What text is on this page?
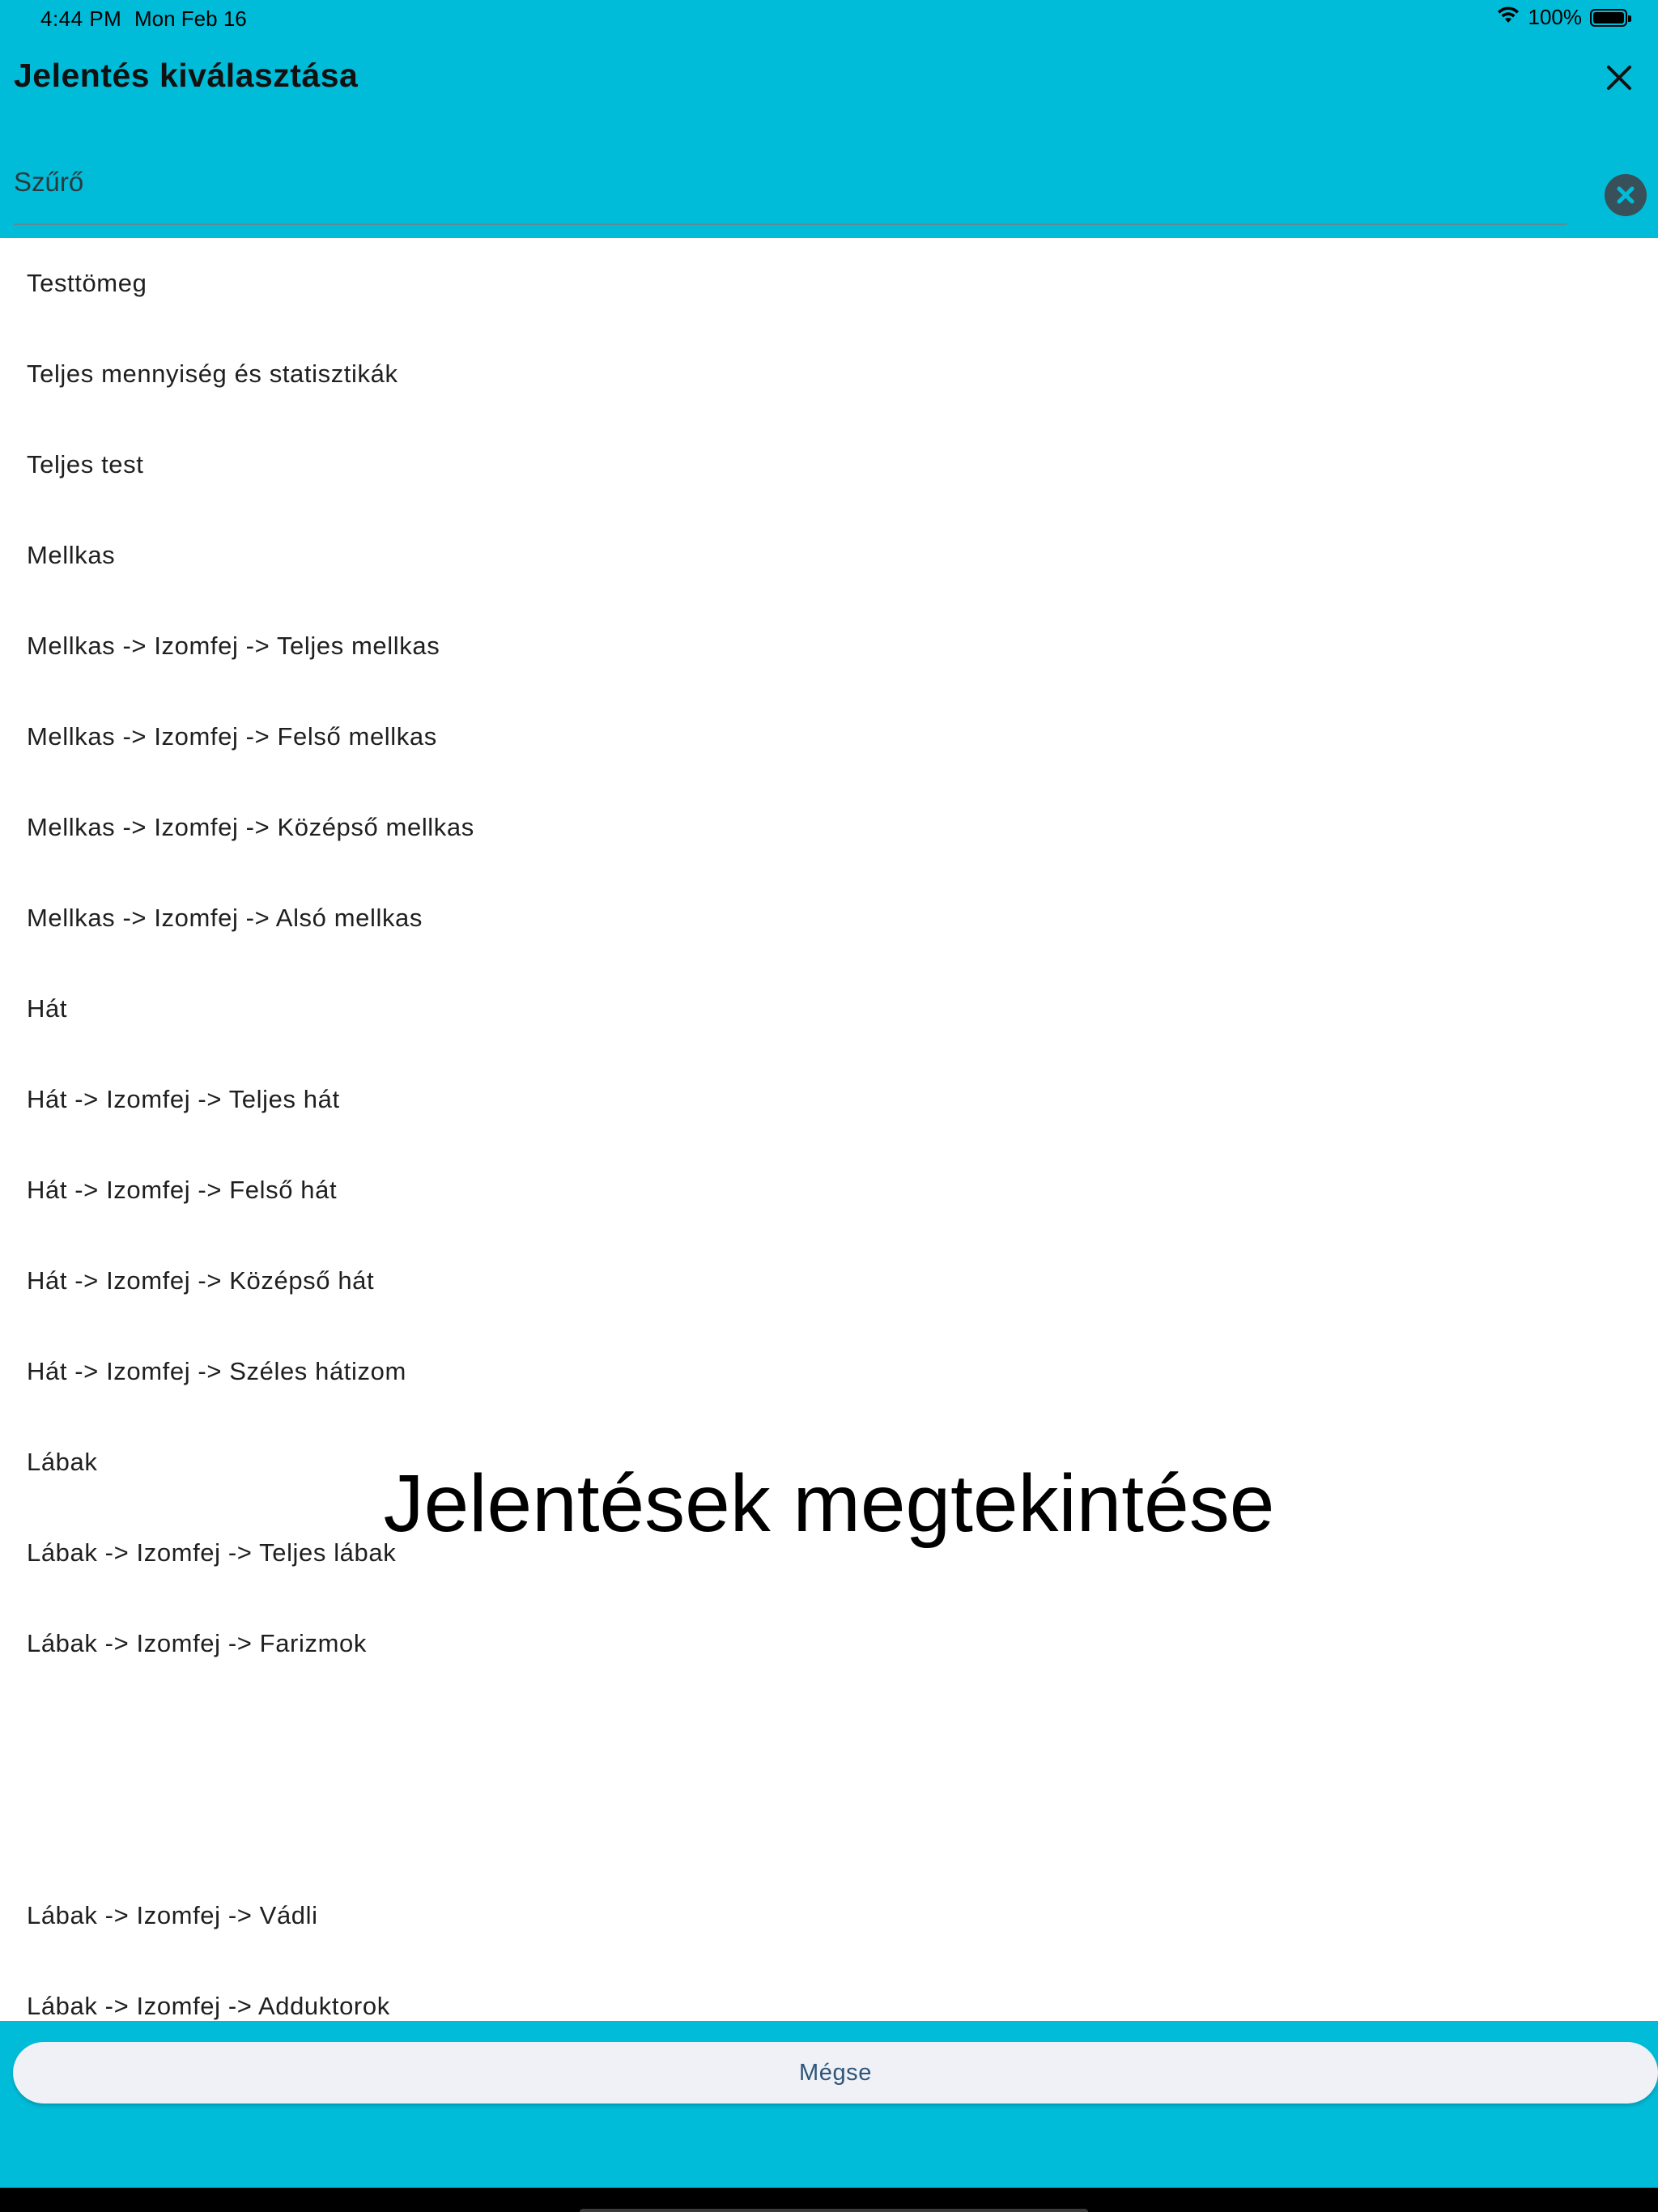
4:44 PM Mon Feb 16	100%
Jelentés kiválasztása
Szűrő
Testtömeg
Teljes mennyiség és statisztikák
Teljes test
Mellkas
Mellkas -> Izomfej -> Teljes mellkas
Mellkas -> Izomfej -> Felső mellkas
Mellkas -> Izomfej -> Középső mellkas
Mellkas -> Izomfej -> Alsó mellkas
Hát
Hát -> Izomfej -> Teljes hát
Hát -> Izomfej -> Felső hát
Hát -> Izomfej -> Középső hát
Hát -> Izomfej -> Széles hátizom
Lábak
Lábak -> Izomfej -> Teljes lábak
Lábak -> Izomfej -> Farizmok
Lábak -> Izomfej -> Vádli
Lábak -> Izomfej -> Adduktorok
Jelentések megtekintése
Mégse
